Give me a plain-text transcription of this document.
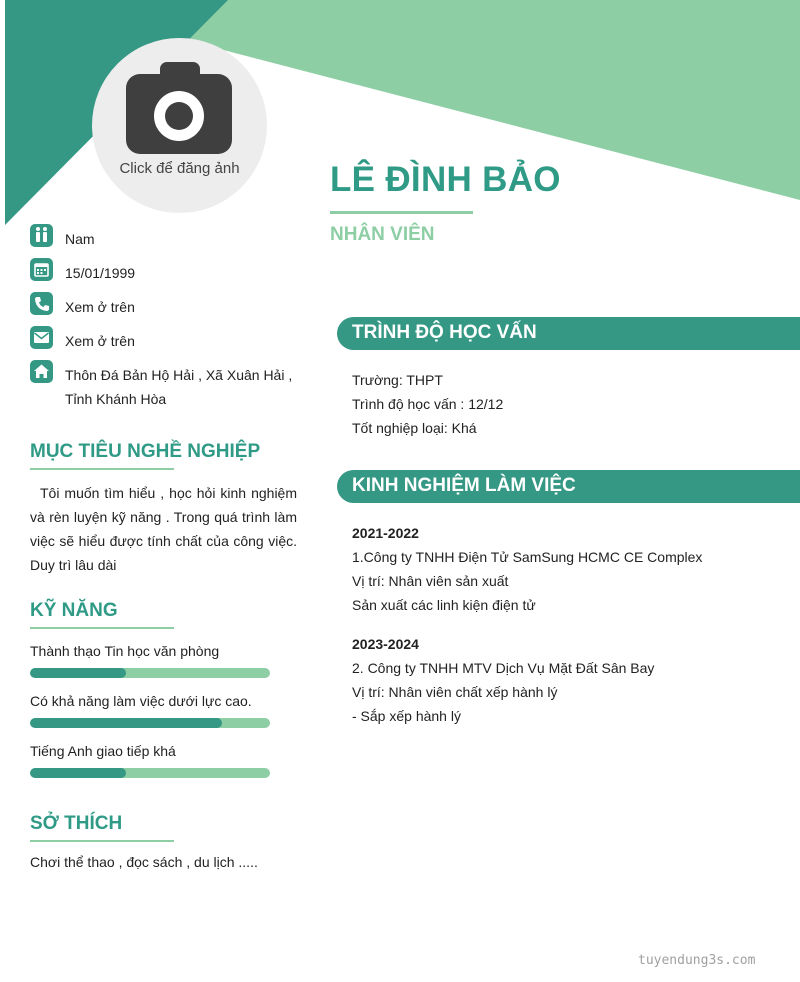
Click để đăng ảnh	LÊ ĐÌNH BẢO
NHÂN VIÊN
Nam
15/01/1999
Xem ở trên
Xem ở trên
Thôn Đá Bản Hộ Hải , Xã Xuân Hải ,
Tỉnh Khánh Hòa
MỤC TIÊU NGHỀ NGHIỆP
Tôi muốn tìm hiểu , học hỏi kinh nghiệm và rèn luyện kỹ năng . Trong quá trình làm việc sẽ hiểu được tính chất của công việc. Duy trì lâu dài
KỸ NĂNG
Thành thạo Tin học văn phòng
Có khả năng làm việc dưới lực cao.
Tiếng Anh giao tiếp khá
SỞ THÍCH
Chơi thể thao , đọc sách , du lịch .....
TRÌNH ĐỘ HỌC VẤN
Trường: THPT
Trình độ học vấn : 12/12
Tốt nghiệp loại: Khá
KINH NGHIỆM LÀM VIỆC
2021-2022
1.Công ty TNHH Điện Tử SamSung HCMC CE Complex
Vị trí: Nhân viên sản xuất
Sản xuất các linh kiện điện tử
2023-2024
2. Công ty TNHH MTV Dịch Vụ Mặt Đất Sân Bay
Vị trí: Nhân viên chất xếp hành lý
- Sắp xếp hành lý
tuyendung3s.com
